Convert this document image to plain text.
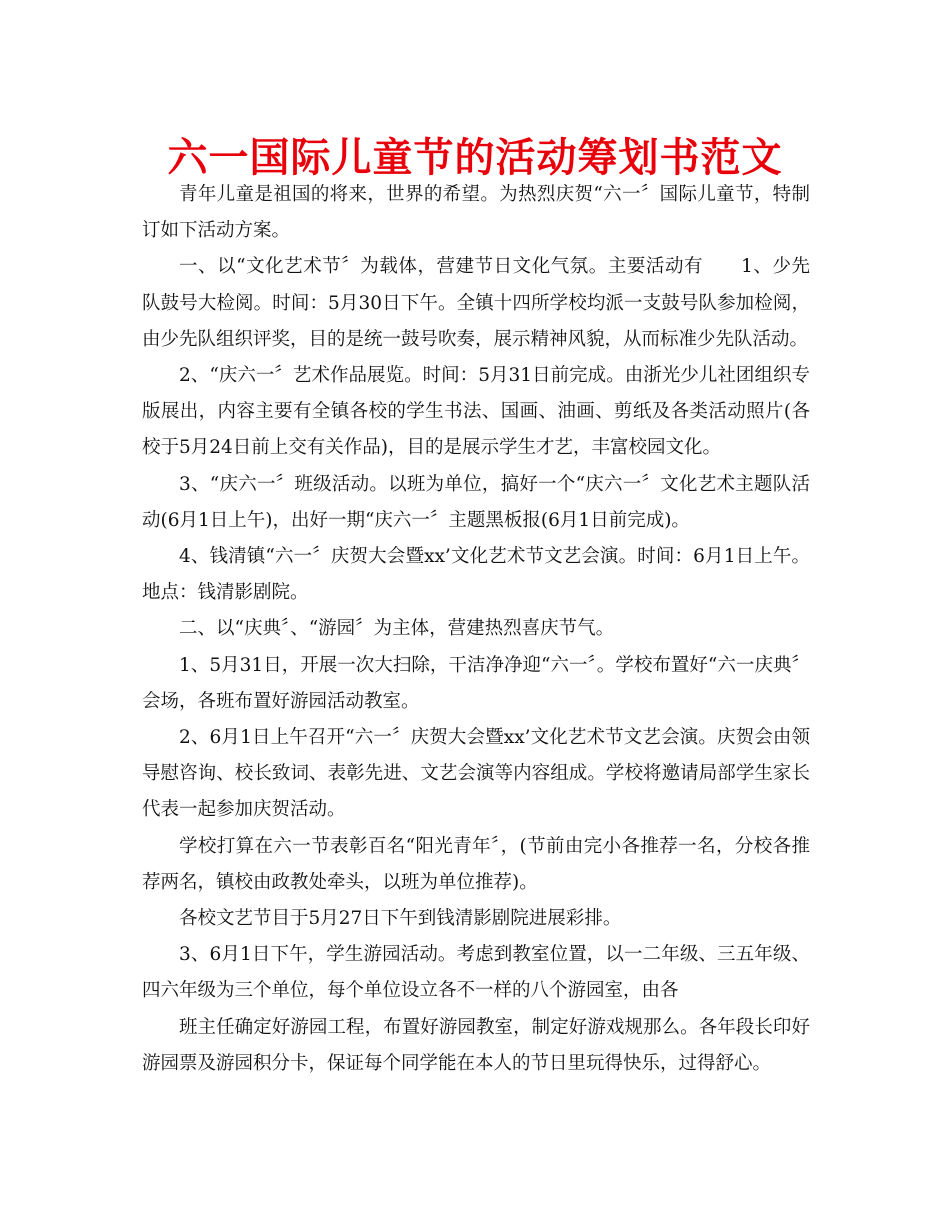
六一国际儿童节的活动筹划书范文

青年儿童是祖国的将来，世界的希望。为热烈庆贺“六一〞国际儿童节，特制订如下活动方案。

一、以“文化艺术节〞为载体，营建节日文化气氛。主要活动有　　1、少先队鼓号大检阅。时间：5月30日下午。全镇十四所学校均派一支鼓号队参加检阅，由少先队组织评奖，目的是统一鼓号吹奏，展示精神风貌，从而标准少先队活动。

2、“庆六一〞艺术作品展览。时间：5月31日前完成。由浙光少儿社团组织专版展出，内容主要有全镇各校的学生书法、国画、油画、剪纸及各类活动照片(各校于5月24日前上交有关作品)，目的是展示学生才艺，丰富校园文化。

3、“庆六一〞班级活动。以班为单位，搞好一个“庆六一〞文化艺术主题队活动(6月1日上午)，出好一期“庆六一〞主题黑板报(6月1日前完成)。

4、钱清镇“六一〞庆贺大会暨xx’文化艺术节文艺会演。时间：6月1日上午。地点：钱清影剧院。

二、以“庆典〞、“游园〞为主体，营建热烈喜庆节气。

1、5月31日，开展一次大扫除，干洁净净迎“六一〞。学校布置好“六一庆典〞会场，各班布置好游园活动教室。

2、6月1日上午召开“六一〞庆贺大会暨xx’文化艺术节文艺会演。庆贺会由领导慰咨询、校长致词、表彰先进、文艺会演等内容组成。学校将邀请局部学生家长代表一起参加庆贺活动。

学校打算在六一节表彰百名“阳光青年〞，(节前由完小各推荐一名，分校各推荐两名，镇校由政教处牵头，以班为单位推荐)。

各校文艺节目于5月27日下午到钱清影剧院进展彩排。

3、6月1日下午，学生游园活动。考虑到教室位置，以一二年级、三五年级、四六年级为三个单位，每个单位设立各不一样的八个游园室，由各

班主任确定好游园工程，布置好游园教室，制定好游戏规那么。各年段长印好游园票及游园积分卡，保证每个同学能在本人的节日里玩得快乐，过得舒心。
